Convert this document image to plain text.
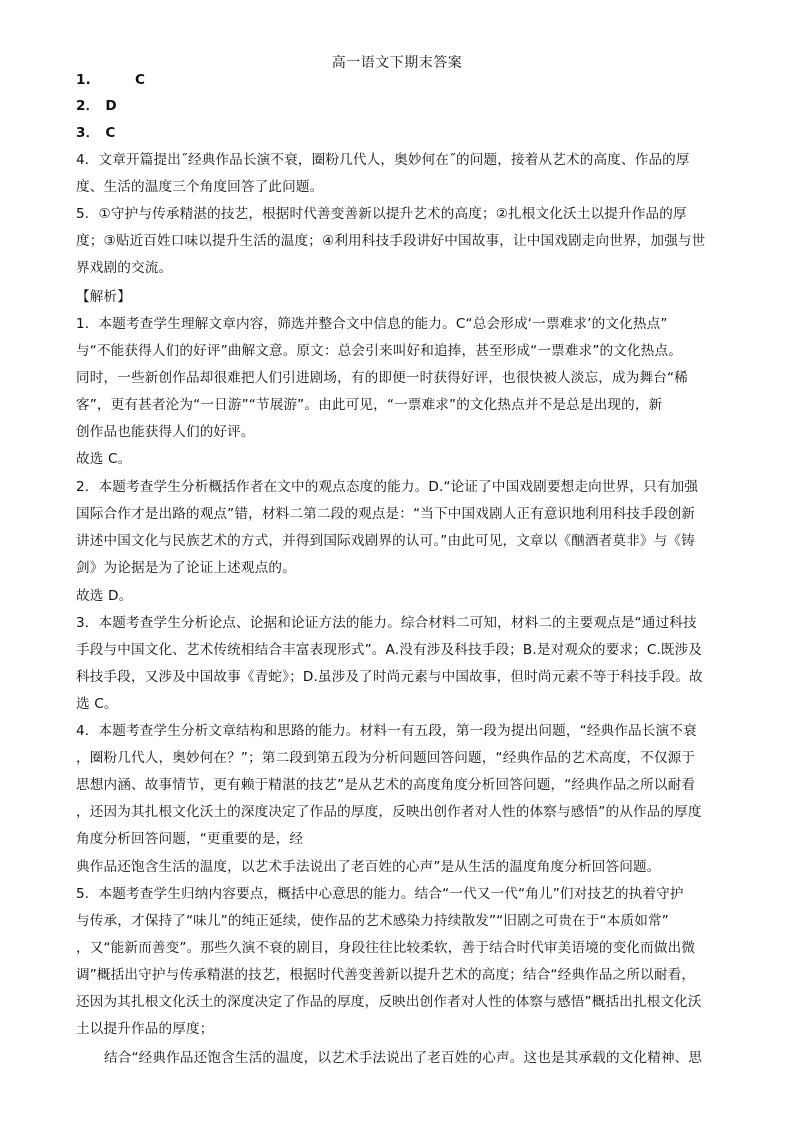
高一语文下期末答案
1.	C
2． D
3． C
4．文章开篇提出˝经典作品长演不衰，圈粉几代人，奥妙何在˝的问题，接着从艺术的高度、作品的厚
度、生活的温度三个角度回答了此问题。
5．①守护与传承精湛的技艺，根据时代善变善新以提升艺术的高度；②扎根文化沃土以提升作品的厚
度；③贴近百姓口味以提升生活的温度；④利用科技手段讲好中国故事，让中国戏剧走向世界，加强与世
界戏剧的交流。
【解析】
1．本题考查学生理解文章内容，筛选并整合文中信息的能力。C“总会形成‘一票难求’的文化热点”
与“不能获得人们的好评”曲解文意。原文：总会引来叫好和追捧，甚至形成“一票难求”的文化热点。
同时，一些新创作品却很难把人们引进剧场，有的即便一时获得好评，也很快被人淡忘，成为舞台“稀
客”，更有甚者沦为“一日游”“节展游”。由此可见，“一票难求”的文化热点并不是总是出现的，新
创作品也能获得人们的好评。
故选 C。
2．本题考查学生分析概括作者在文中的观点态度的能力。D.“论证了中国戏剧要想走向世界，只有加强
国际合作才是出路的观点”错，材料二第二段的观点是：“当下中国戏剧人正有意识地利用科技手段创新
讲述中国文化与民族艺术的方式，并得到国际戏剧界的认可。”由此可见，文章以《酗酒者莫非》与《铸
剑》为论据是为了论证上述观点的。
故选 D。
3．本题考查学生分析论点、论据和论证方法的能力。综合材料二可知，材料二的主要观点是“通过科技
手段与中国文化、艺术传统相结合丰富表现形式”。A.没有涉及科技手段；B.是对观众的要求；C.既涉及
科技手段，又涉及中国故事《青蛇》；D.虽涉及了时尚元素与中国故事，但时尚元素不等于科技手段。故
选 C。
4．本题考查学生分析文章结构和思路的能力。材料一有五段，第一段为提出问题，“经典作品长演不衰
，圈粉几代人，奥妙何在？”；第二段到第五段为分析问题回答问题，“经典作品的艺术高度，不仅源于
思想内涵、故事情节，更有赖于精湛的技艺”是从艺术的高度角度分析回答问题，“经典作品之所以耐看
，还因为其扎根文化沃土的深度决定了作品的厚度，反映出创作者对人性的体察与感悟”的从作品的厚度
角度分析回答问题，“更重要的是，经
典作品还饱含生活的温度，以艺术手法说出了老百姓的心声”是从生活的温度角度分析回答问题。
5．本题考查学生归纳内容要点，概括中心意思的能力。结合“一代又一代“角儿”们对技艺的执着守护
与传承，才保持了“味儿”的纯正延续，使作品的艺术感染力持续散发”“旧剧之可贵在于“本质如常”
，又“能新而善变”。那些久演不衰的剧目，身段往往比较柔软，善于结合时代审美语境的变化而做出微
调”概括出守护与传承精湛的技艺，根据时代善变善新以提升艺术的高度；结合“经典作品之所以耐看，
还因为其扎根文化沃土的深度决定了作品的厚度，反映出创作者对人性的体察与感悟”概括出扎根文化沃
土以提升作品的厚度；
结合“经典作品还饱含生活的温度，以艺术手法说出了老百姓的心声。这也是其承载的文化精神、思
